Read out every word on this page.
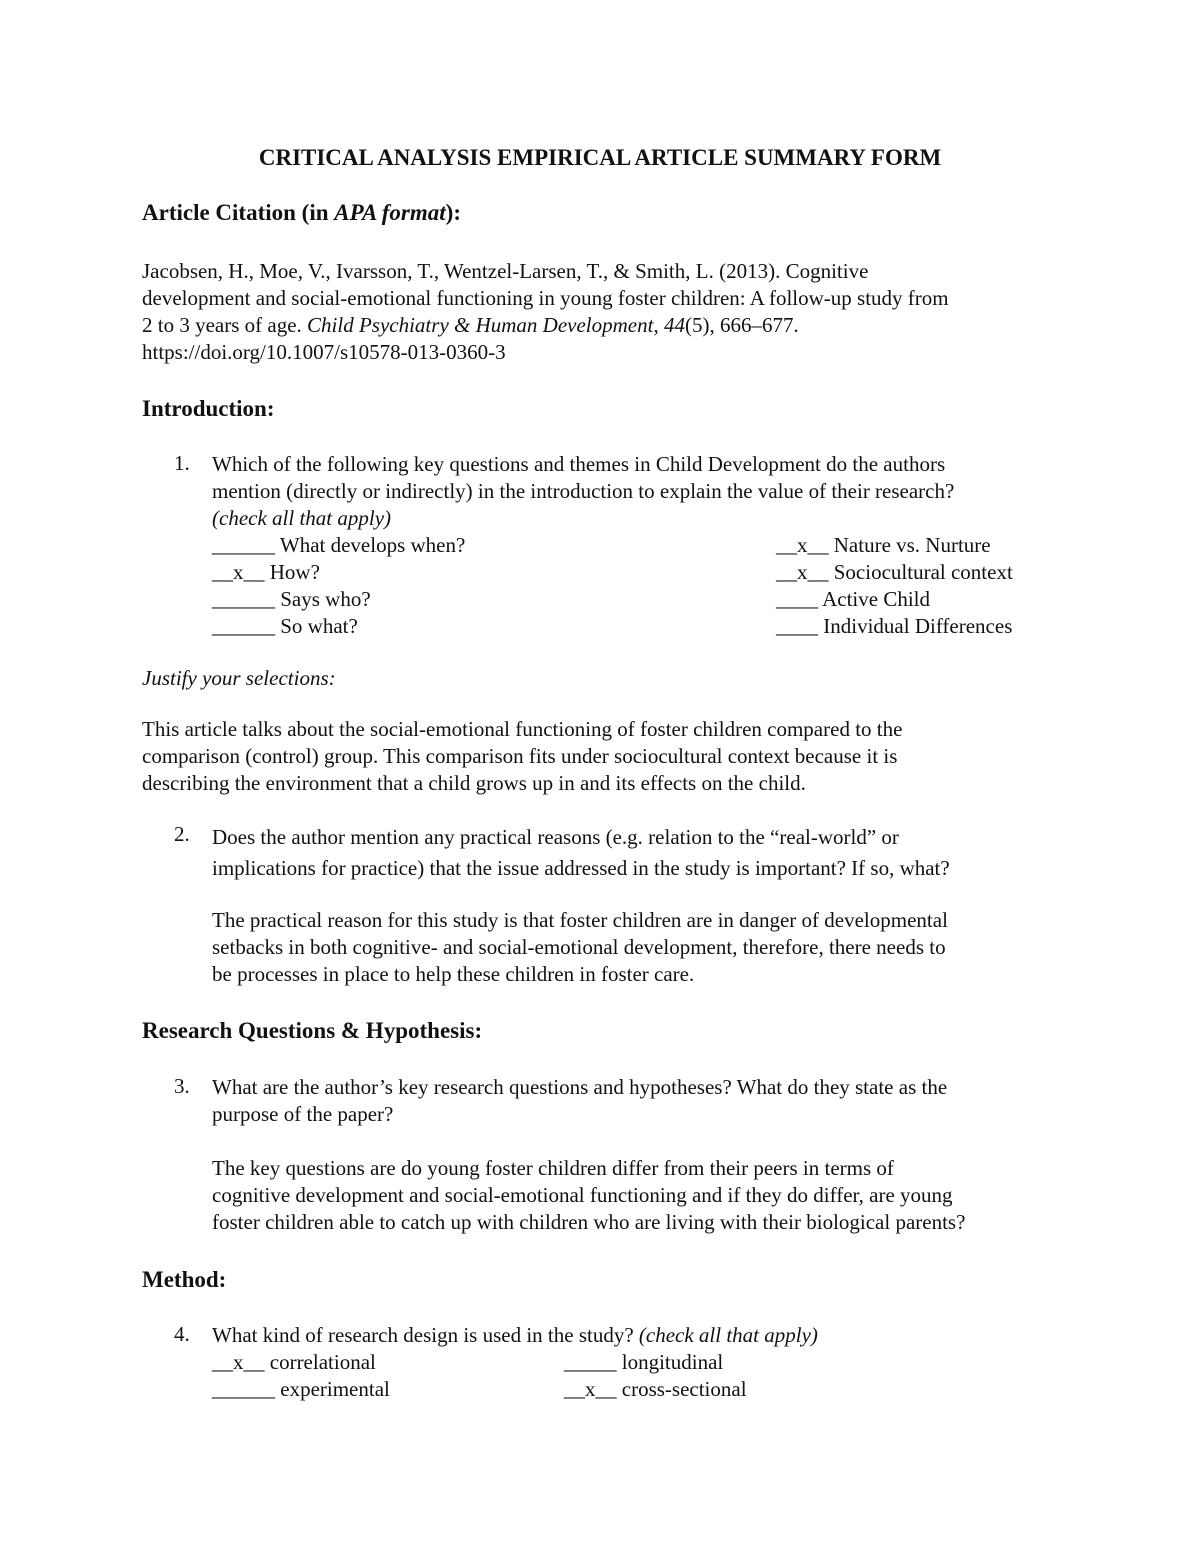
CRITICAL ANALYSIS EMPIRICAL ARTICLE SUMMARY FORM
Article Citation (in APA format):
Jacobsen, H., Moe, V., Ivarsson, T., Wentzel-Larsen, T., & Smith, L. (2013). Cognitive
development and social-emotional functioning in young foster children: A follow-up study from
2 to 3 years of age. Child Psychiatry & Human Development, 44(5), 666–677.
https://doi.org/10.1007/s10578-013-0360-3
Introduction:
1. Which of the following key questions and themes in Child Development do the authors
mention (directly or indirectly) in the introduction to explain the value of their research?
(check all that apply)
______ What develops when?
__x__ How?
______ Says who?
______ So what?
__x__ Nature vs. Nurture
__x__ Sociocultural context
____ Active Child
____ Individual Differences
Justify your selections:
This article talks about the social-emotional functioning of foster children compared to the
comparison (control) group. This comparison fits under sociocultural context because it is
describing the environment that a child grows up in and its effects on the child.
2. Does the author mention any practical reasons (e.g. relation to the “real-world” or
implications for practice) that the issue addressed in the study is important? If so, what?
The practical reason for this study is that foster children are in danger of developmental
setbacks in both cognitive- and social-emotional development, therefore, there needs to
be processes in place to help these children in foster care.
Research Questions & Hypothesis:
3. What are the author’s key research questions and hypotheses? What do they state as the
purpose of the paper?
The key questions are do young foster children differ from their peers in terms of
cognitive development and social-emotional functioning and if they do differ, are young
foster children able to catch up with children who are living with their biological parents?
Method:
4. What kind of research design is used in the study? (check all that apply)
__x__ correlational
______ experimental
_____ longitudinal
__x__ cross-sectional
